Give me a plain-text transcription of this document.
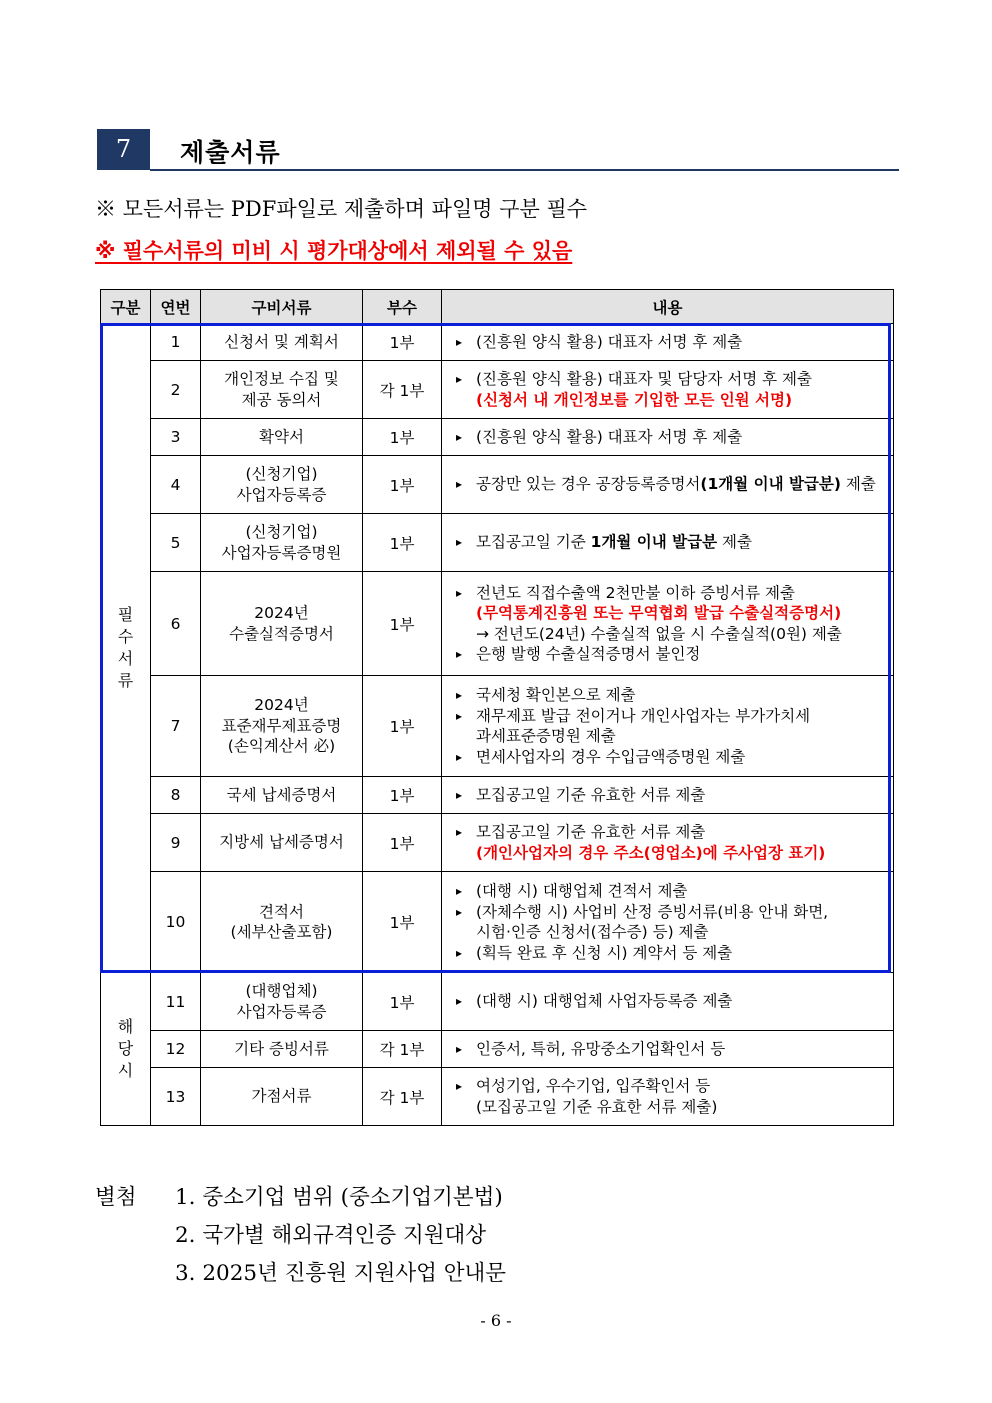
7	제출서류
※ 모든서류는 PDF파일로 제출하며 파일명 구분 필수
※ 필수서류의 미비 시 평가대상에서 제외될 수 있음
구분	연번	구비서류	부수	내용
필
수
서
류	1	신청서 및 계획서	1부	▸ (진흥원 양식 활용) 대표자 서명 후 제출

	2	개인정보 수집 및
제공 동의서	각 1부	▸ (진흥원 양식 활용) 대표자 및 담당자 서명 후 제출
(신청서 내 개인정보를 기입한 모든 인원 서명)

	3	확약서	1부	▸ (진흥원 양식 활용) 대표자 서명 후 제출

	4	(신청기업)
사업자등록증	1부	▸ 공장만 있는 경우 공장등록증명서(1개월 이내 발급분) 제출

	5	(신청기업)
사업자등록증명원	1부	▸ 모집공고일 기준 1개월 이내 발급분 제출

	6	2024년
수출실적증명서	1부	▸ 전년도 직접수출액 2천만불 이하 증빙서류 제출
(무역통계진흥원 또는 무역협회 발급 수출실적증명서)
→ 전년도(24년) 수출실적 없을 시 수출실적(0원) 제출
▸ 은행 발행 수출실적증명서 불인정

	7	2024년
표준재무제표증명
(손익계산서 必)	1부	▸ 국세청 확인본으로 제출
▸ 재무제표 발급 전이거나 개인사업자는 부가가치세
과세표준증명원 제출
▸ 면세사업자의 경우 수입금액증명원 제출

	8	국세 납세증명서	1부	▸ 모집공고일 기준 유효한 서류 제출

	9	지방세 납세증명서	1부	▸ 모집공고일 기준 유효한 서류 제출
(개인사업자의 경우 주소(영업소)에 주사업장 표기)

	10	견적서
(세부산출포함)	1부	▸ (대행 시) 대행업체 견적서 제출
▸ (자체수행 시) 사업비 산정 증빙서류(비용 안내 화면,
시험·인증 신청서(접수증) 등) 제출
▸ (획득 완료 후 신청 시) 계약서 등 제출

해
당
시	11	(대행업체)
사업자등록증	1부	▸ (대행 시) 대행업체 사업자등록증 제출

	12	기타 증빙서류	각 1부	▸ 인증서, 특허, 유망중소기업확인서 등

	13	가점서류	각 1부	▸ 여성기업, 우수기업, 입주확인서 등
(모집공고일 기준 유효한 서류 제출)
별첨 1. 중소기업 범위 (중소기업기본법)
2. 국가별 해외규격인증 지원대상
3. 2025년 진흥원 지원사업 안내문
- 6 -
